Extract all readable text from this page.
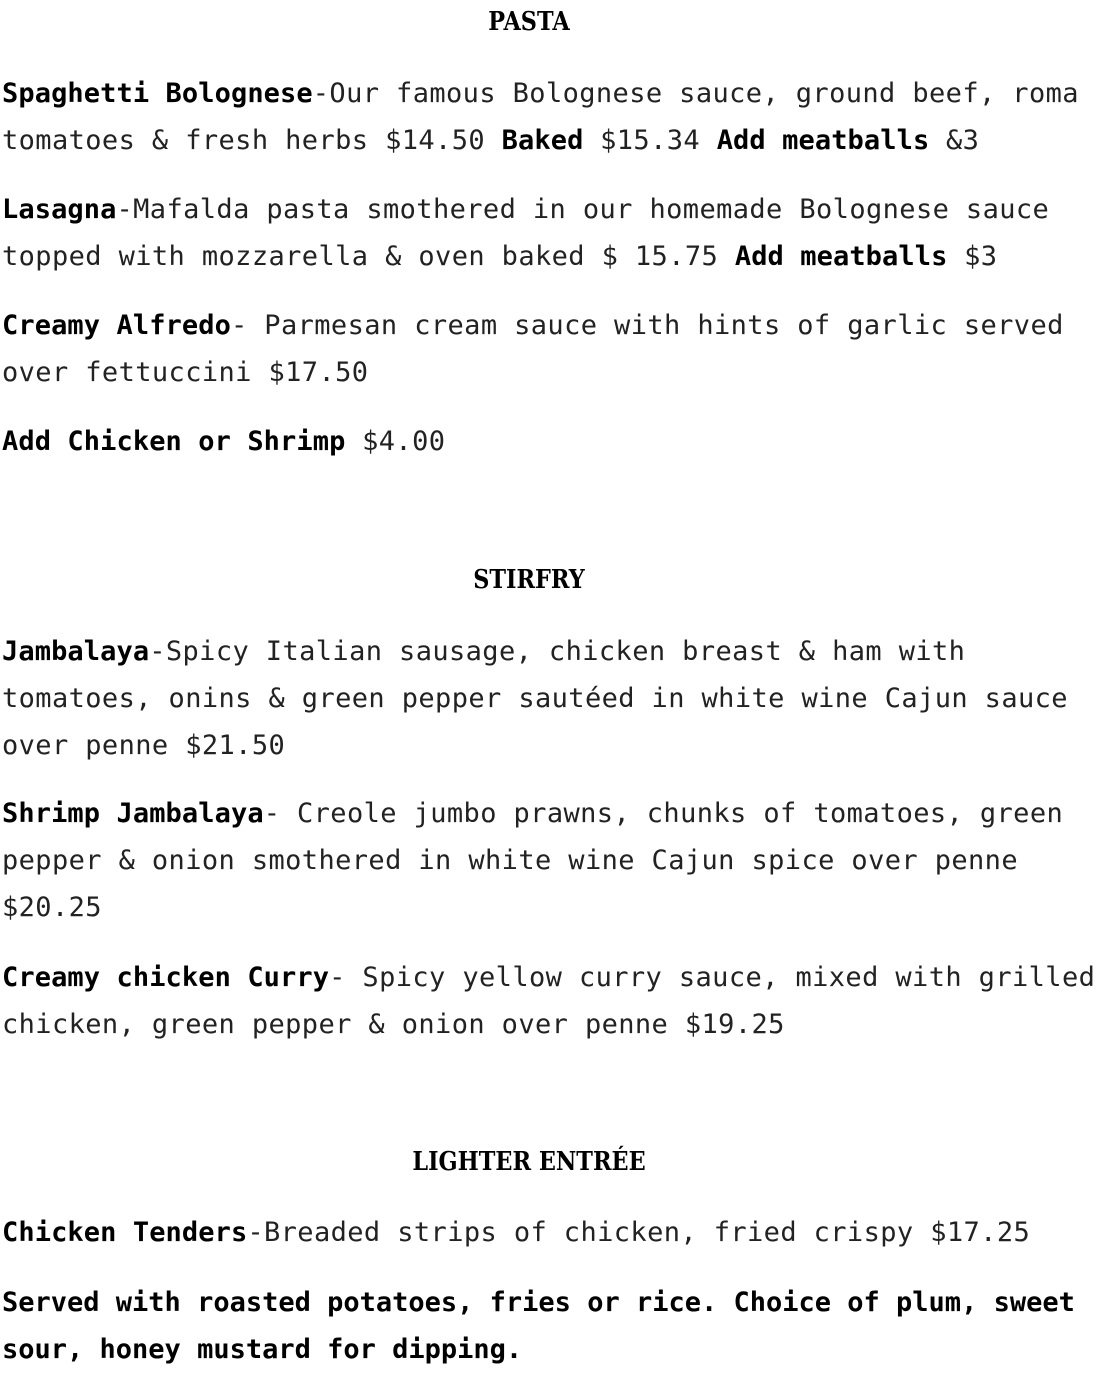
PASTA
Spaghetti Bolognese-Our famous Bolognese sauce, ground beef, roma
tomatoes & fresh herbs $14.50 Baked $15.34 Add meatballs &3
Lasagna-Mafalda pasta smothered in our homemade Bolognese sauce
topped with mozzarella & oven baked $ 15.75 Add meatballs $3
Creamy Alfredo- Parmesan cream sauce with hints of garlic served
over fettuccini $17.50
Add Chicken or Shrimp $4.00
STIRFRY
Jambalaya-Spicy Italian sausage, chicken breast & ham with
tomatoes, onins & green pepper sautéed in white wine Cajun sauce
over penne $21.50
Shrimp Jambalaya- Creole jumbo prawns, chunks of tomatoes, green
pepper & onion smothered in white wine Cajun spice over penne
$20.25
Creamy chicken Curry- Spicy yellow curry sauce, mixed with grilled
chicken, green pepper & onion over penne $19.25
LIGHTER ENTRÉE
Chicken Tenders-Breaded strips of chicken, fried crispy $17.25
Served with roasted potatoes, fries or rice. Choice of plum, sweet
sour, honey mustard for dipping.
